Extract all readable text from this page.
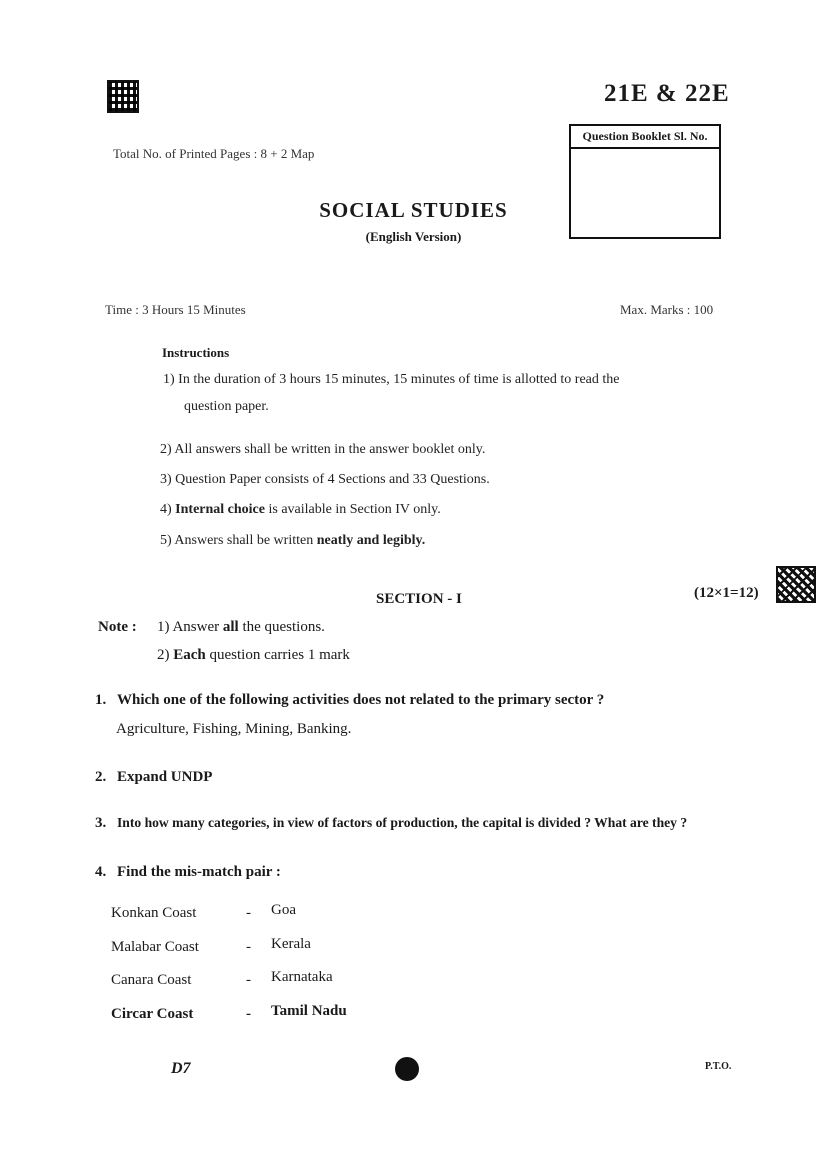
21E & 22E
Question Booklet Sl. No.
Total No. of Printed Pages : 8 + 2 Map
SOCIAL STUDIES
(English Version)
Time : 3 Hours 15 Minutes	Max. Marks : 100
Instructions
1) In the duration of 3 hours 15 minutes, 15 minutes of time is allotted to read the
question paper.
2) All answers shall be written in the answer booklet only.
3) Question Paper consists of 4 Sections and 33 Questions.
4) Internal choice is available in Section IV only.
5) Answers shall be written neatly and legibly.
SECTION - I	(12×1=12)
Note : 1) Answer all the questions.
2) Each question carries 1 mark
1. Which one of the following activities does not related to the primary sector ?
Agriculture, Fishing, Mining, Banking.
2. Expand UNDP
3. Into how many categories, in view of factors of production, the capital is divided ? What are they ?
4. Find the mis-match pair :
Konkan Coast	- Goa
Malabar Coast	- Kerala
Canara Coast	- Karnataka
Circar Coast	- Tamil Nadu
D7	P.T.O.
